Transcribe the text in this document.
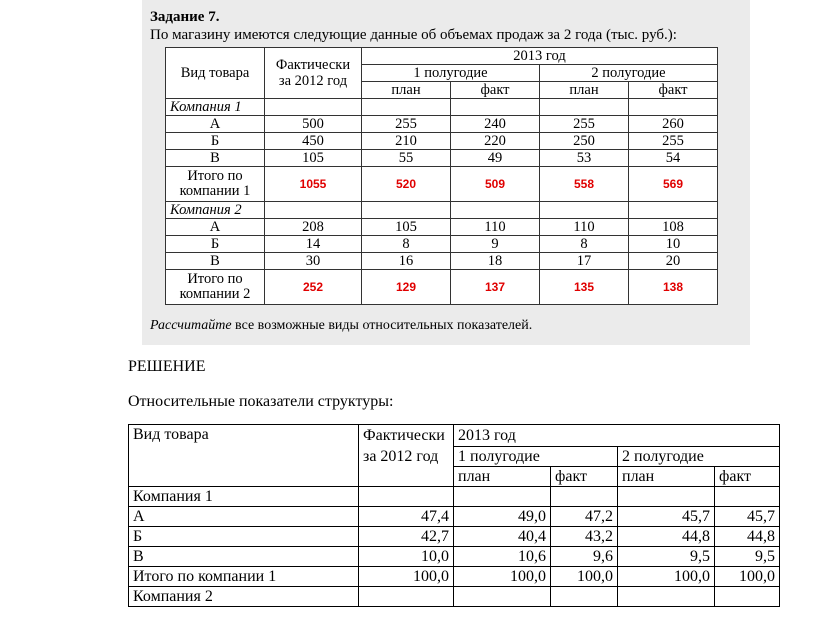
Задание 7.
По магазину имеются следующие данные об объемах продаж за 2 года (тыс. руб.):
Вид товара	Фактически за 2012 год	2013 год			
		1 полугодие		2 полугодие	
		план	факт	план	факт
Компания 1					
А	500	255	240	255	260
Б	450	210	220	250	255
В	105	55	49	53	54
Итого по компании 1	1055	520	509	558	569
Компания 2					
А	208	105	110	110	108
Б	14	8	9	8	10
В	30	16	18	17	20
Итого по компании 2	252	129	137	135	138
Рассчитайте все возможные виды относительных показателей.
РЕШЕНИЕ
Относительные показатели структуры:
Вид товара	Фактически за 2012 год	2013 год			
		1 полугодие		2 полугодие	
		план	факт	план	факт
Компания 1					
А	47,4	49,0	47,2	45,7	45,7
Б	42,7	40,4	43,2	44,8	44,8
В	10,0	10,6	9,6	9,5	9,5
Итого по компании 1	100,0	100,0	100,0	100,0	100,0
Компания 2					
